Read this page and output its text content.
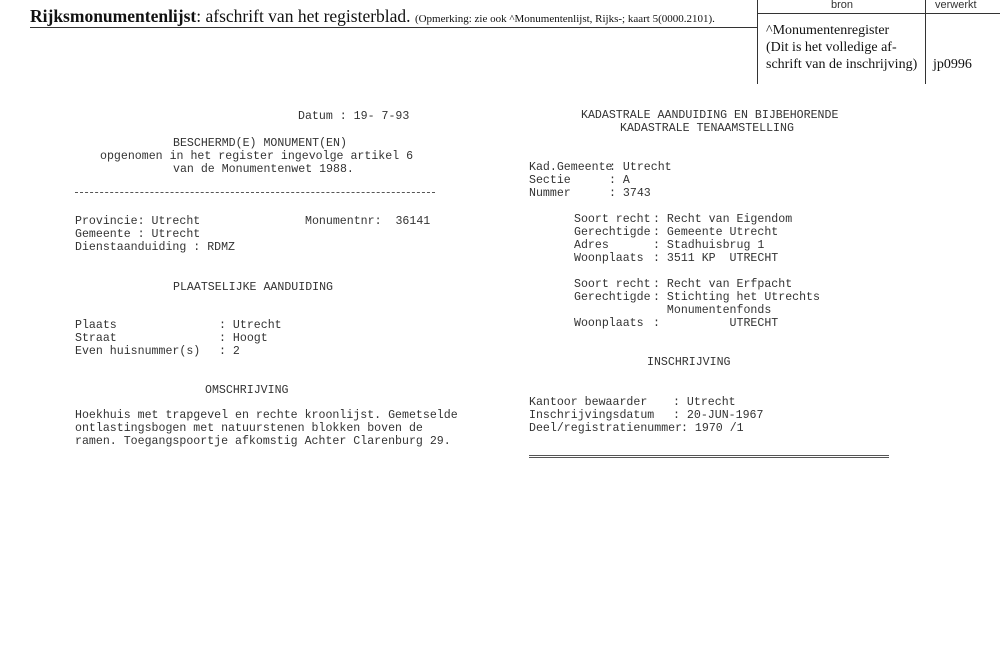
Rijksmonumentenlijst: afschrift van het registerblad. (Opmerking: zie ook ^Monumentenlijst, Rijks-; kaart 5(0000.2101).
bron	verwerkt
^Monumentenregister
(Dit is het volledige af-
schrift van de inschrijving) jp0996
Datum : 19- 7-93
BESCHERMD(E) MONUMENT(EN)
opgenomen in het register ingevolge artikel 6
van de Monumentenwet 1988.
Provincie: Utrecht	Monumentnr:  36141
Gemeente : Utrecht
Dienstaanduiding : RDMZ
PLAATSELIJKE AANDUIDING
Plaats	: Utrecht
Straat	: Hoogt
Even huisnummer(s) : 2
OMSCHRIJVING
Hoekhuis met trapgevel en rechte kroonlijst. Gemetselde
ontlastingsbogen met natuurstenen blokken boven de
ramen. Toegangspoortje afkomstig Achter Clarenburg 29.
KADASTRALE AANDUIDING EN BIJBEHORENDE
KADASTRALE TENAAMSTELLING
Kad.Gemeente
: Utrecht
Sectie	: A
Nummer	: 3743
Soort recht : Recht van Eigendom
Gerechtigde : Gemeente Utrecht
Adres	: Stadhuisbrug 1
Woonplaats : 3511 KP  UTRECHT
Soort recht : Recht van Erfpacht
Gerechtigde : Stichting het Utrechts
Monumentenfonds
Woonplaats :          UTRECHT
INSCHRIJVING
Kantoor bewaarder : Utrecht
Inschrijvingsdatum : 20-JUN-1967
Deel/registratienummer
: 1970 /1
